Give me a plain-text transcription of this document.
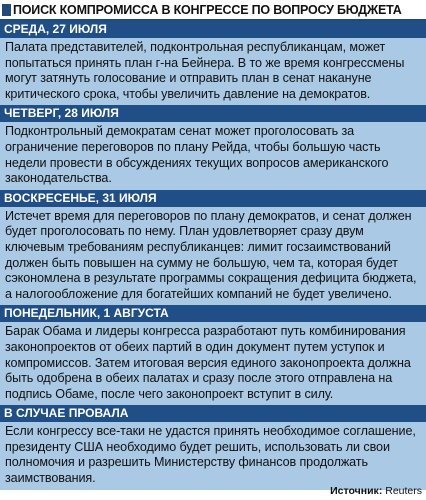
ПОИСК КОМПРОМИССА В КОНГРЕССЕ ПО ВОПРОСУ БЮДЖЕТА
СРЕДА, 27 ИЮЛЯ

Палата представителей, подконтрольная республиканцам, может попытаться принять план г-на Бейнера. В то же время конгрессмены могут затянуть голосование и отправить план в сенат накануне критического срока, чтобы увеличить давление на демократов.

ЧЕТВЕРГ, 28 ИЮЛЯ

Подконтрольный демократам сенат может проголосовать за ограничение переговоров по плану Рейда, чтобы большую часть недели провести в обсуждениях текущих вопросов американского законодательства.

ВОСКРЕСЕНЬЕ, 31 ИЮЛЯ

Истечет время для переговоров по плану демократов, и сенат должен будет проголосовать по нему. План удовлетворяет сразу двум ключевым требованиям республиканцев: лимит госзаимствований должен быть повышен на сумму не большую, чем та, которая будет сэкономлена в результате программы сокращения дефицита бюджета, а налогообложение для богатейших компаний не будет увеличено.

ПОНЕДЕЛЬНИК, 1 АВГУСТА

Барак Обама и лидеры конгресса разработают путь комбинирования законопроектов от обеих партий в один документ путем уступок и компромиссов. Затем итоговая версия единого законопроекта должна быть одобрена в обеих палатах и сразу после этого отправлена на подпись Обаме, после чего законопроект вступит в силу.

В СЛУЧАЕ ПРОВАЛА

Если конгрессу все-таки не удастся принять необходимое соглашение, президенту США необходимо будет решить, использовать ли свои полномочия и разрешить Министерству финансов продолжать заимствования.

Источник: Reuters
